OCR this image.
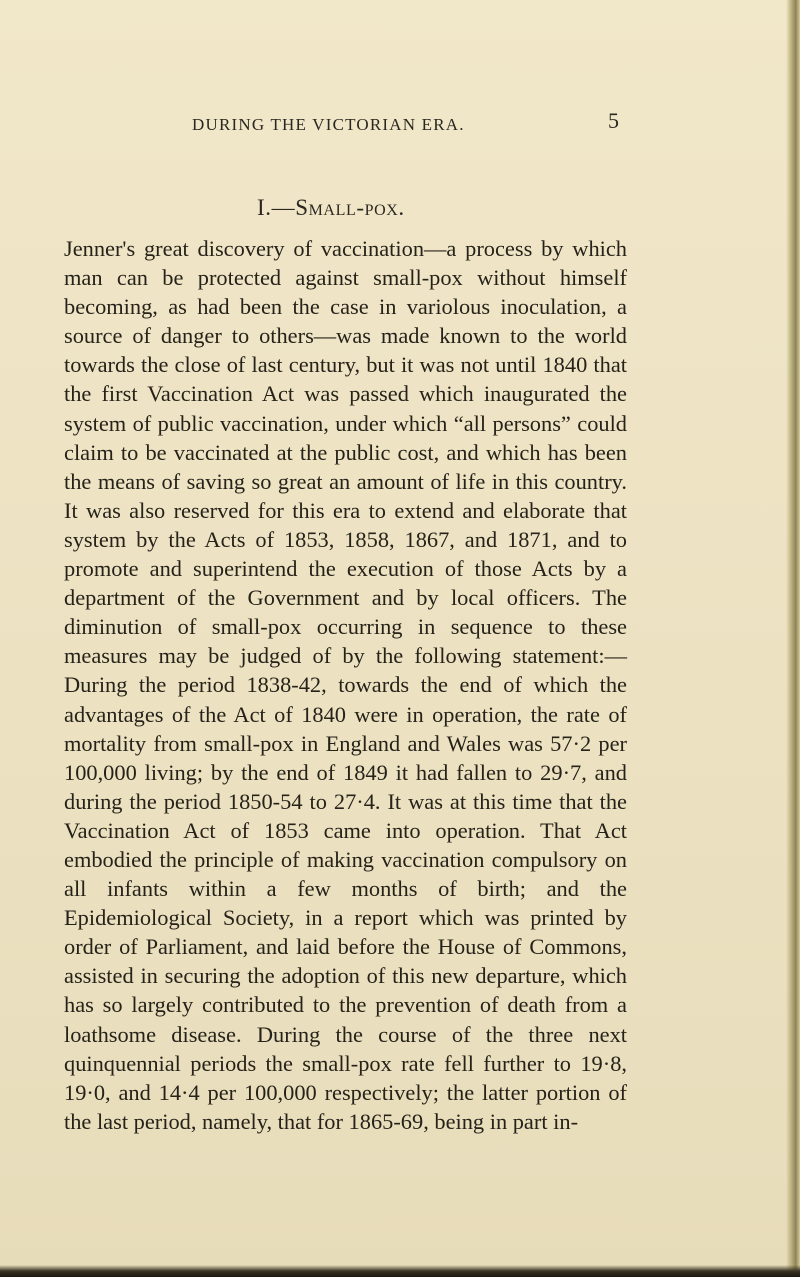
DURING THE VICTORIAN ERA.	5
I.—Small-pox.

Jenner's great discovery of vaccination—a process by which man can be protected against small-pox without himself becoming, as had been the case in variolous inoculation, a source of danger to others—was made known to the world towards the close of last century, but it was not until 1840 that the first Vaccination Act was passed which inaugurated the system of public vaccination, under which “all persons” could claim to be vaccinated at the public cost, and which has been the means of saving so great an amount of life in this country. It was also reserved for this era to extend and elaborate that system by the Acts of 1853, 1858, 1867, and 1871, and to promote and superintend the execution of those Acts by a department of the Government and by local officers. The diminution of small-pox occurring in sequence to these measures may be judged of by the following statement:—During the period 1838-42, towards the end of which the advantages of the Act of 1840 were in operation, the rate of mortality from small-pox in England and Wales was 57·2 per 100,000 living; by the end of 1849 it had fallen to 29·7, and during the period 1850-54 to 27·4. It was at this time that the Vaccination Act of 1853 came into operation. That Act embodied the principle of making vaccination compulsory on all infants within a few months of birth; and the Epidemiological Society, in a report which was printed by order of Parliament, and laid before the House of Commons, assisted in securing the adoption of this new departure, which has so largely contributed to the prevention of death from a loathsome disease. During the course of the three next quinquennial periods the small-pox rate fell further to 19·8, 19·0, and 14·4 per 100,000 respectively; the latter portion of the last period, namely, that for 1865-69, being in part in-
